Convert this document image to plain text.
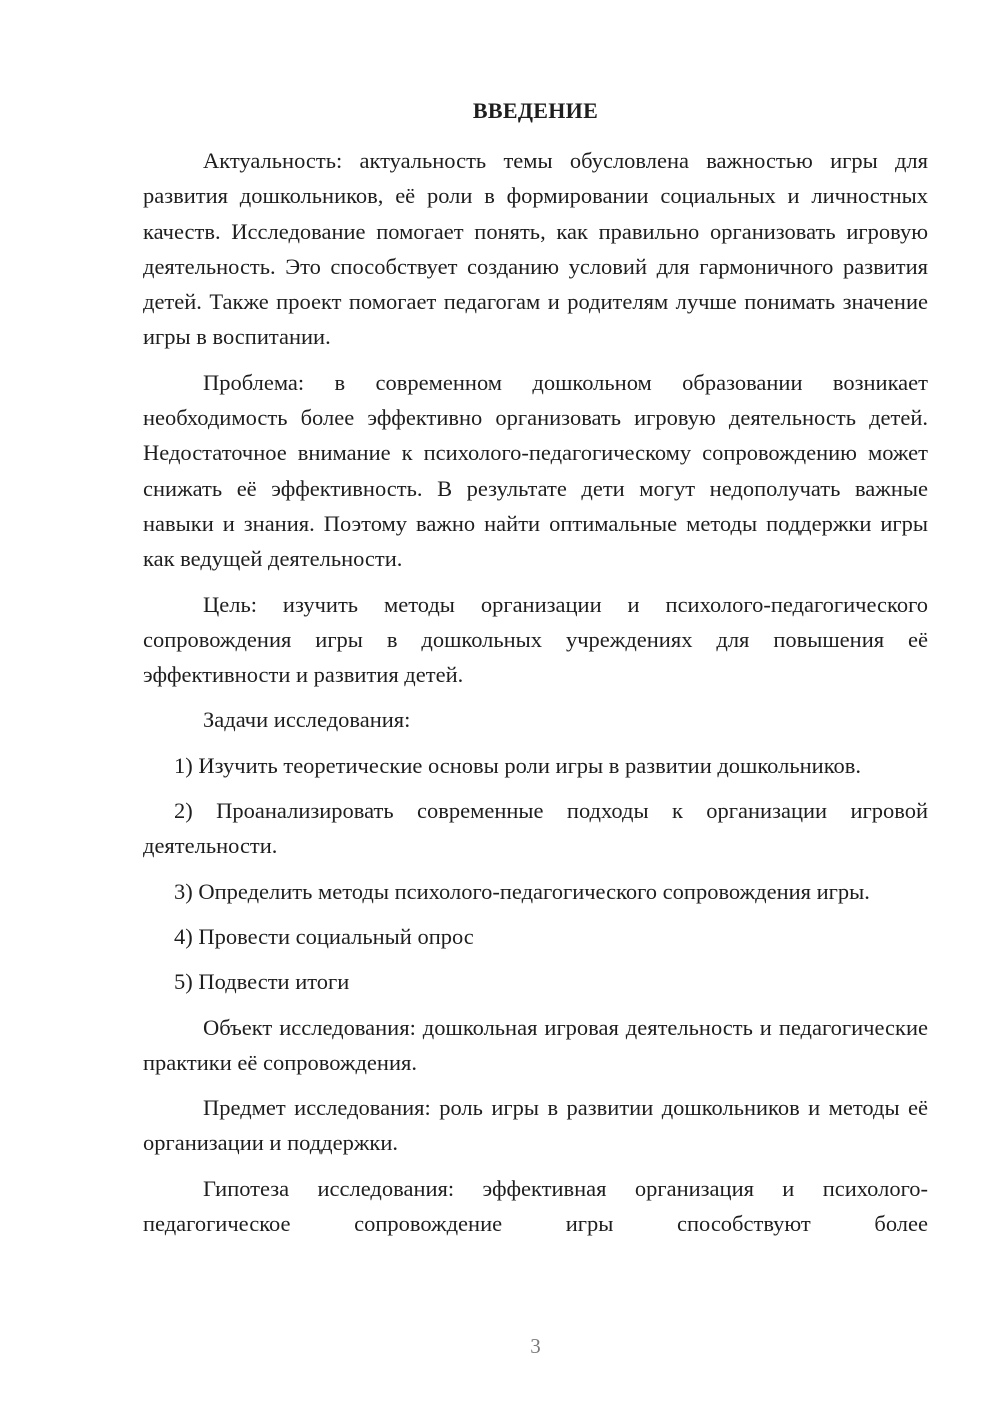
ВВЕДЕНИЕ

Актуальность: актуальность темы обусловлена важностью игры для развития дошкольников, её роли в формировании социальных и личностных качеств. Исследование помогает понять, как правильно организовать игровую деятельность. Это способствует созданию условий для гармоничного развития детей. Также проект помогает педагогам и родителям лучше понимать значение игры в воспитании.

Проблема: в современном дошкольном образовании возникает необходимость более эффективно организовать игровую деятельность детей. Недостаточное внимание к психолого-педагогическому сопровождению может снижать её эффективность. В результате дети могут недополучать важные навыки и знания. Поэтому важно найти оптимальные методы поддержки игры как ведущей деятельности.

Цель: изучить методы организации и психолого-педагогического сопровождения игры в дошкольных учреждениях для повышения её эффективности и развития детей.

Задачи исследования:

1) Изучить теоретические основы роли игры в развитии дошкольников.

2) Проанализировать современные подходы к организации игровой деятельности.

3) Определить методы психолого-педагогического сопровождения игры.

4) Провести социальный опрос

5) Подвести итоги

Объект исследования: дошкольная игровая деятельность и педагогические практики её сопровождения.

Предмет исследования: роль игры в развитии дошкольников и методы её организации и поддержки.

Гипотеза исследования: эффективная организация и психолого-педагогическое сопровождение игры способствуют более

3
